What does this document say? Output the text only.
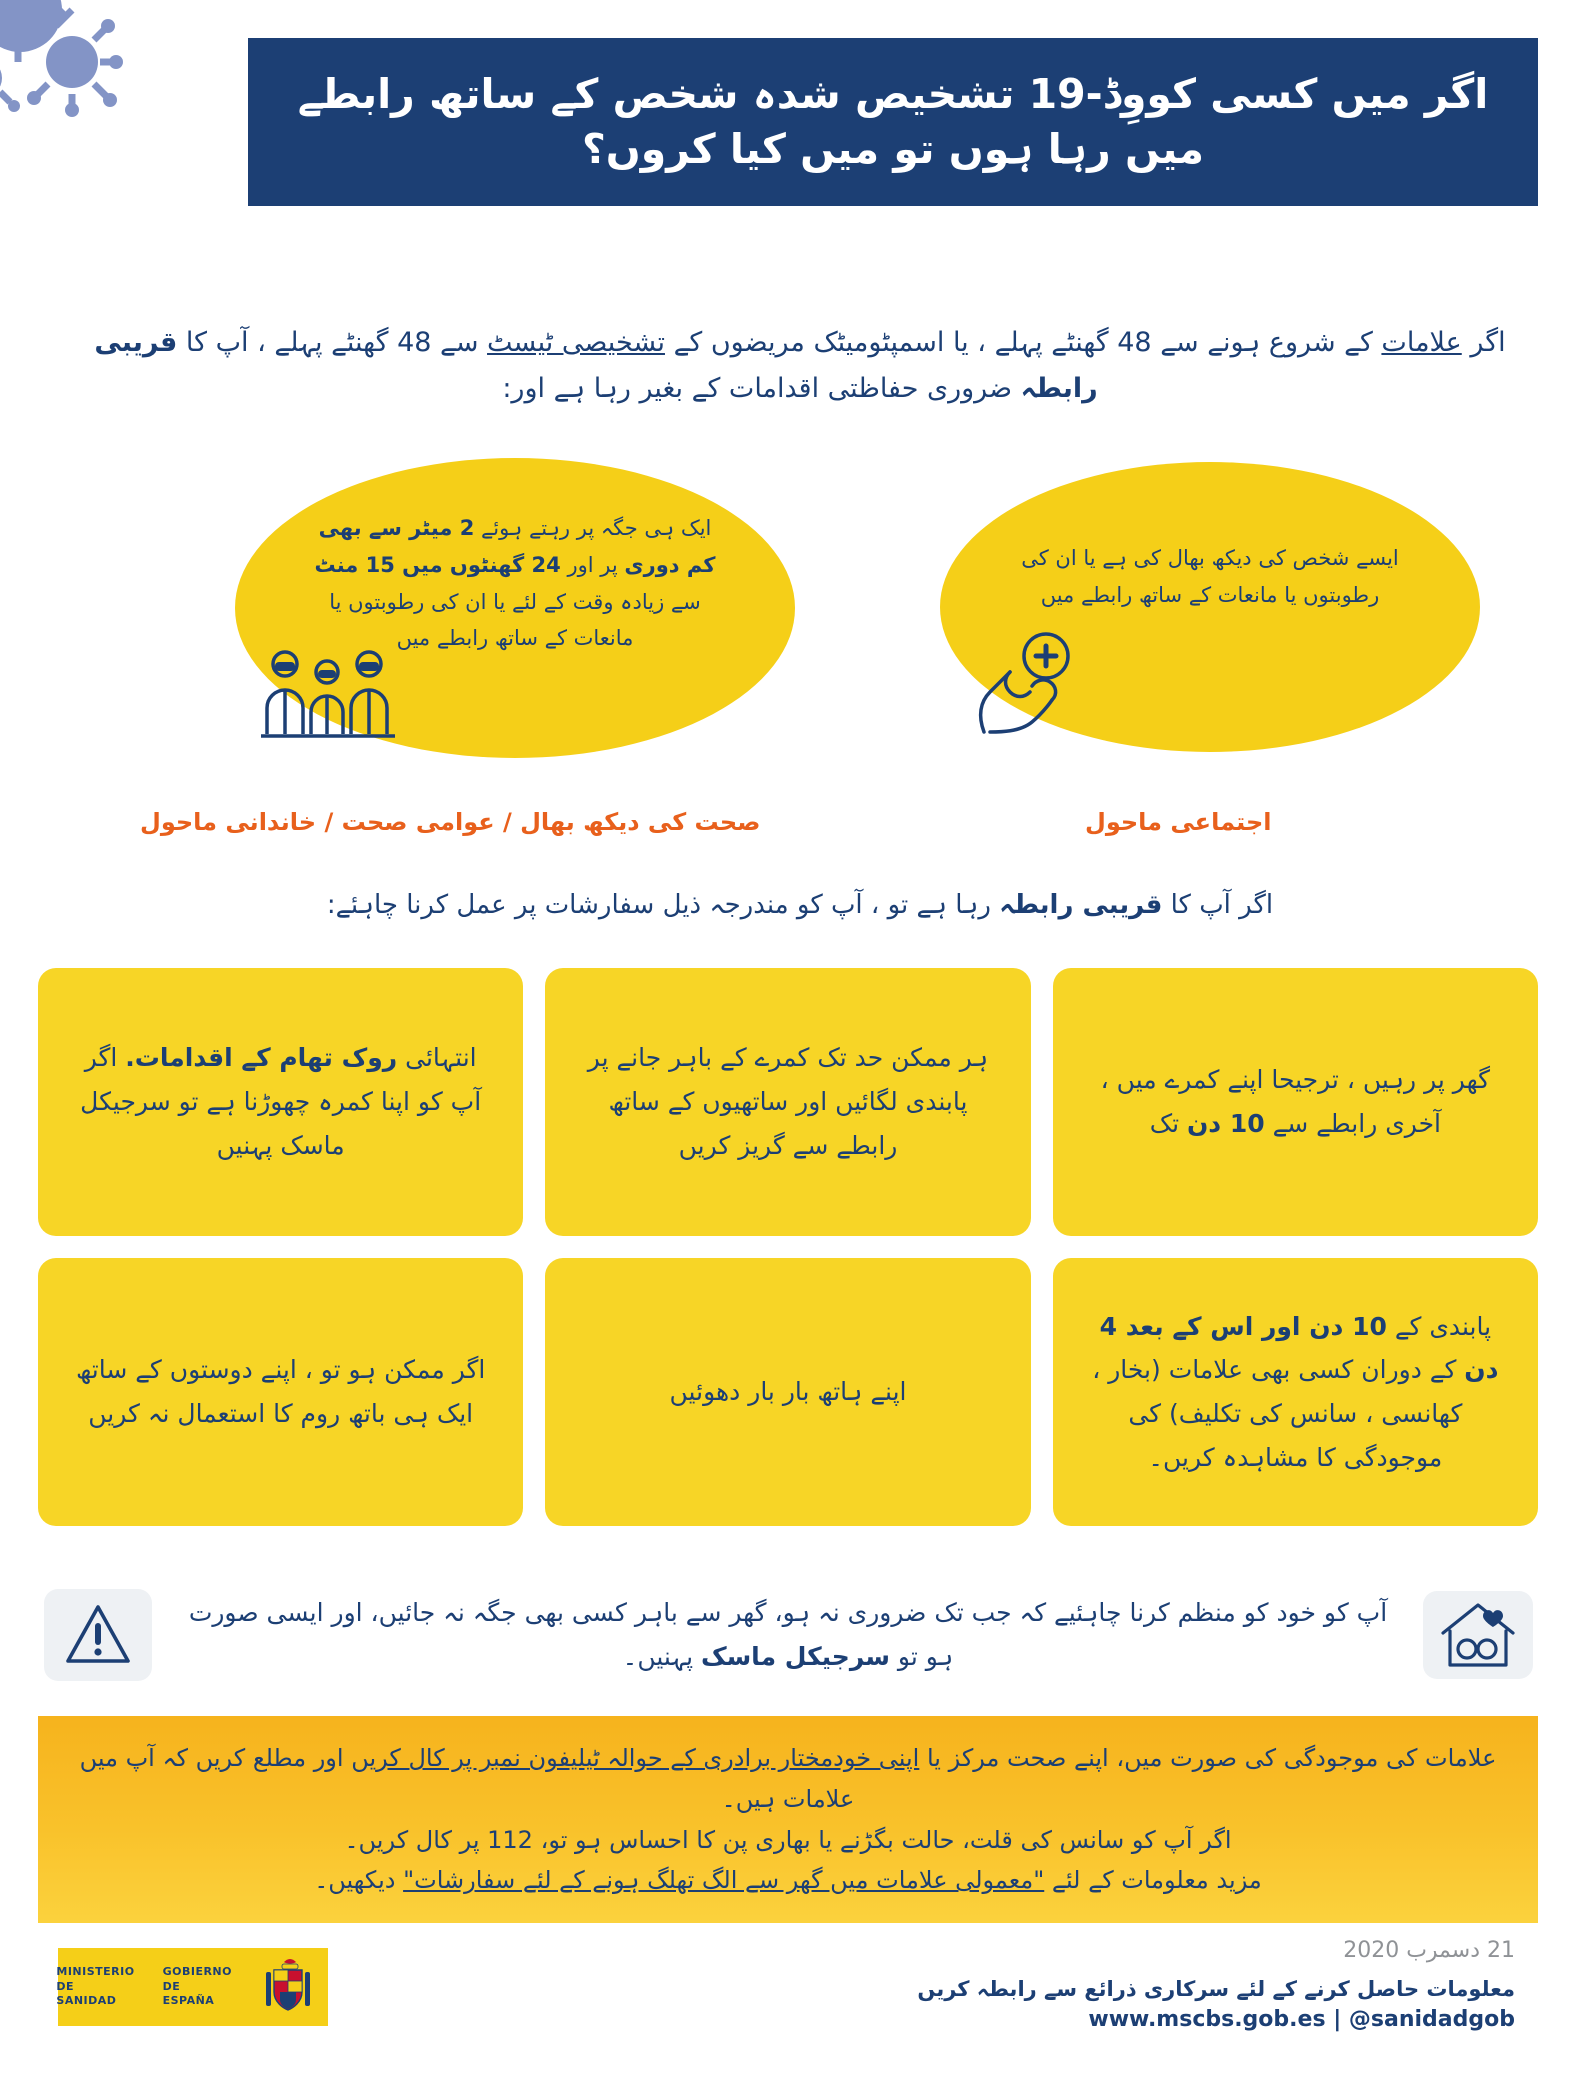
اگر میں کسی کووِڈ-19 تشخیص شدہ شخص کے ساتھ رابطے میں رہا ہوں تو میں کیا کروں؟
اگر علامات کے شروع ہونے سے 48 گھنٹے پہلے ، یا اسمپٹومیٹک مریضوں کے تشخیصی ٹیسٹ سے 48 گھنٹے پہلے ، آپ کا قریبی رابطہ ضروری حفاظتی اقدامات کے بغیر رہا ہے اور:
ایک ہی جگہ پر رہتے ہوئے 2 میٹر سے بھی کم دوری پر اور 24 گھنٹوں میں 15 منٹ سے زیادہ وقت کے لئے یا ان کی رطوبتوں یا مانعات کے ساتھ رابطے میں
ایسے شخص کی دیکھ بھال کی ہے یا ان کی رطوبتوں یا مانعات کے ساتھ رابطے میں
اجتماعی ماحول
صحت کی دیکھ بھال / عوامی صحت / خاندانی ماحول
اگر آپ کا قریبی رابطہ رہا ہے تو ، آپ کو مندرجہ ذیل سفارشات پر عمل کرنا چاہئے:
گھر پر رہیں ، ترجیحا اپنے کمرے میں ، آخری رابطے سے 10 دن تک
ہر ممکن حد تک کمرے کے باہر جانے پر پابندی لگائیں اور ساتھیوں کے ساتھ رابطے سے گریز کریں
انتہائی روک تھام کے اقدامات. اگر آپ کو اپنا کمرہ چھوڑنا ہے تو سرجیکل ماسک پہنیں
پابندی کے 10 دن اور اس کے بعد 4 دن کے دوران کسی بھی علامات (بخار ، کھانسی ، سانس کی تکلیف) کی موجودگی کا مشاہدہ کریں۔
اپنے ہاتھ بار بار دھوئیں
اگر ممکن ہو تو ، اپنے دوستوں کے ساتھ ایک ہی باتھ روم کا استعمال نہ کریں
آپ کو خود کو منظم کرنا چاہئیے کہ جب تک ضروری نہ ہو، گھر سے باہر کسی بھی جگہ نہ جائیں، اور ایسی صورت ہو تو سرجیکل ماسک پہنیں۔
علامات کی موجودگی کی صورت میں، اپنے صحت مرکز یا اپنی خودمختار برادری کے حوالہ ٹیلیفون نمبر پر کال کریں اور مطلع کریں کہ آپ میں علامات ہیں۔
اگر آپ کو سانس کی قلت، حالت بگڑنے یا بھاری پن کا احساس ہو تو، 112 پر کال کریں۔
مزید معلومات کے لئے "معمولی علامات میں گھر سے الگ تھلگ ہونے کے لئے سفارشات" دیکھیں۔
GOBIERNO
DE ESPAÑA
MINISTERIO
DE SANIDAD
21 دسمرب 2020
معلومات حاصل کرنے کے لئے سرکاری ذرائع سے رابطہ کریں
www.mscbs.gob.es | @sanidadgob
